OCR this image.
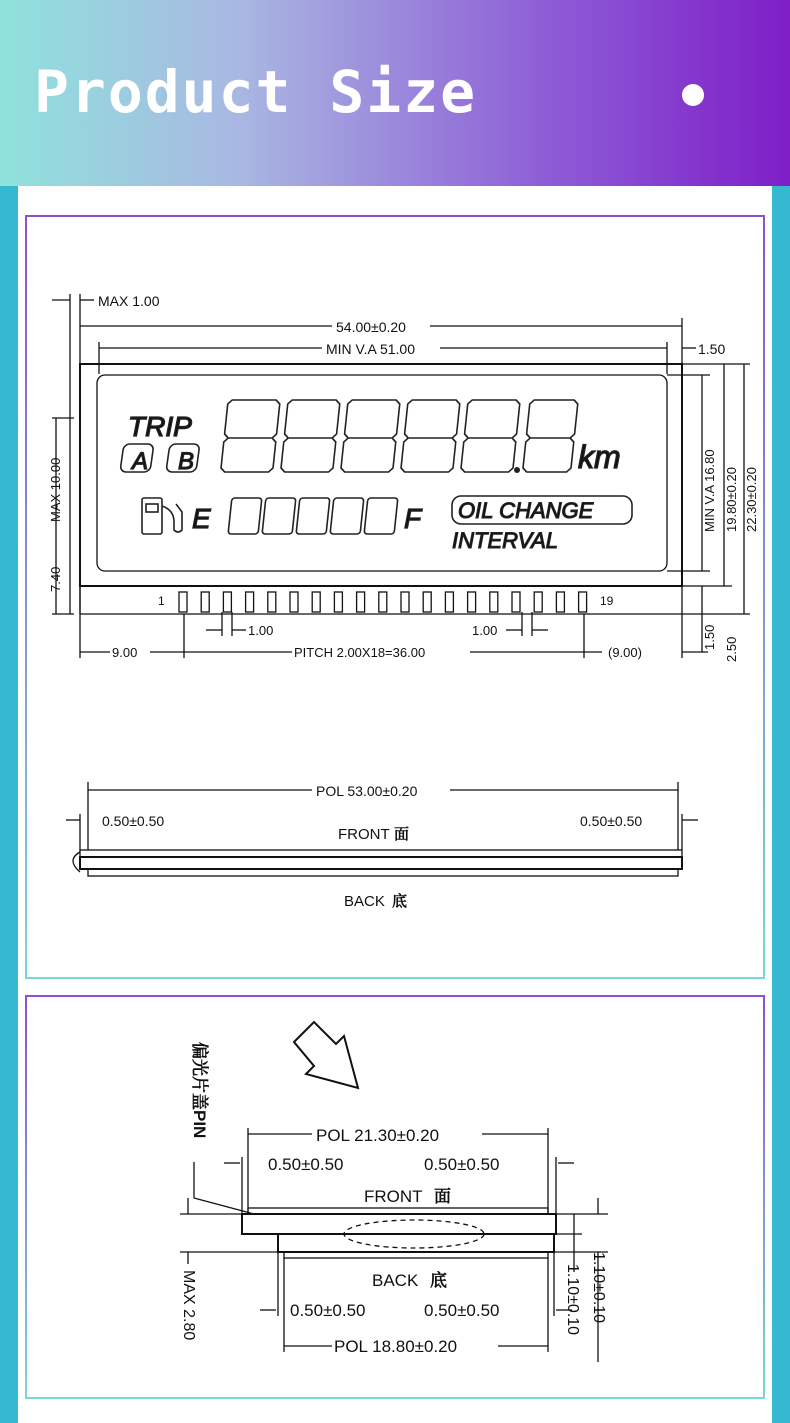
Product Size
MAX 1.00
54.00±0.20
MIN V.A 51.00	1.50
TRIP
A B	km
E	F OIL CHANGE
INTERVAL
1	19
MIN V.A 16.80 19.80±0.20 22.30±0.20
1.50 2.50
MAX 10.00
7.40
9.00	PITCH 2.00X18=36.00	(9.00)
1.00	1.00
POL 53.00±0.20
0.50±0.50	0.50±0.50
FRONT 面
BACK 底
偏光片盖PIN	POL 21.30±0.20
0.50±0.50	0.50±0.50
FRONT 面
BACK 底	1.10±0.10
1.10±0.10
MAX 2.80	0.50±0.50	0.50±0.50
POL 18.80±0.20
